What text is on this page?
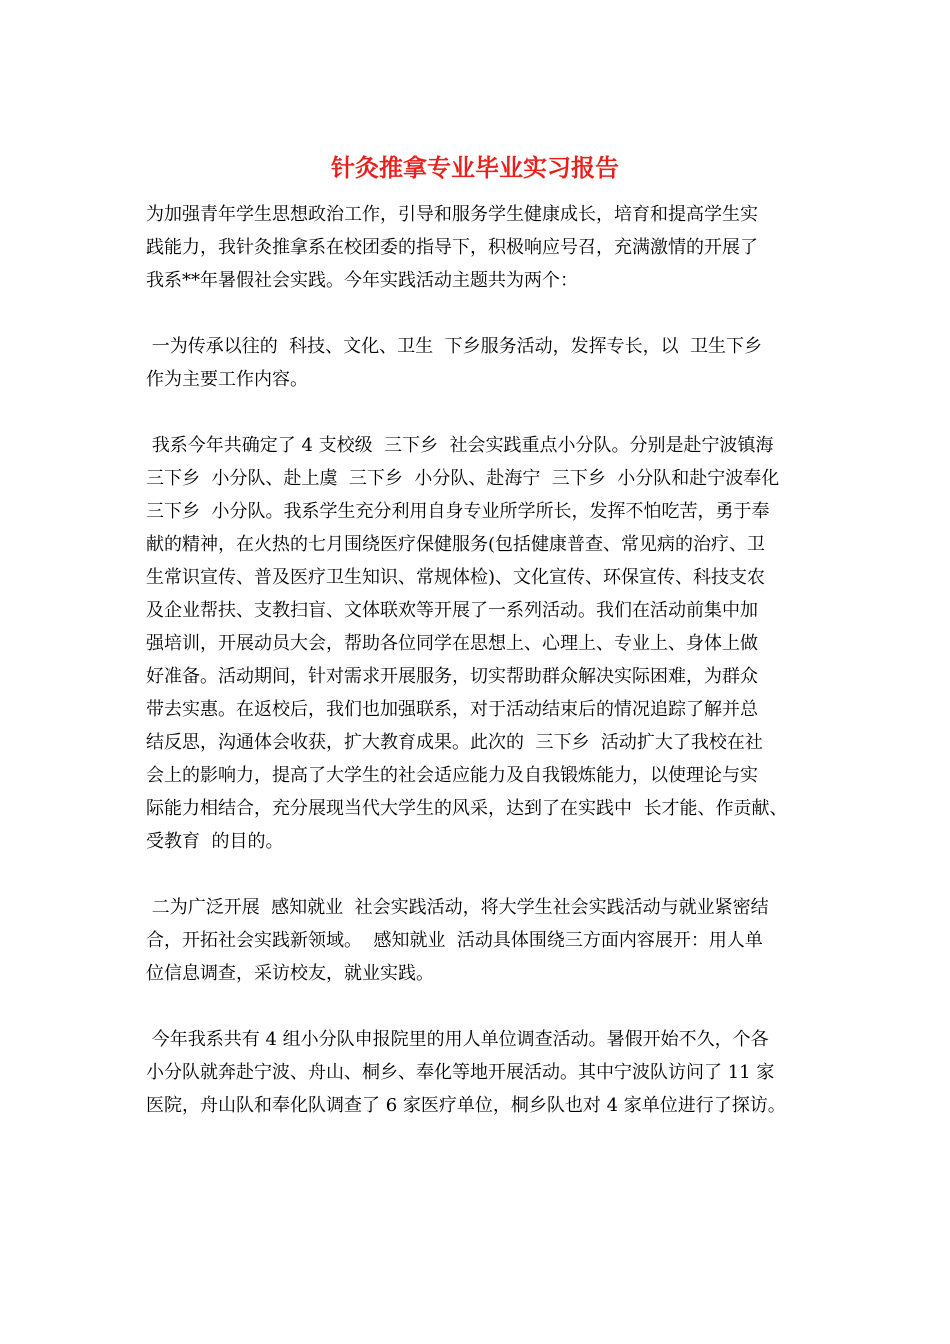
针灸推拿专业毕业实习报告
为加强青年学生思想政治工作，引导和服务学生健康成长，培育和提高学生实
践能力，我针灸推拿系在校团委的指导下，积极响应号召，充满激情的开展了
我系**年暑假社会实践。今年实践活动主题共为两个：
一为传承以往的  科技、文化、卫生  下乡服务活动，发挥专长，以  卫生下乡
作为主要工作内容。
我系今年共确定了 4 支校级  三下乡  社会实践重点小分队。分别是赴宁波镇海
三下乡  小分队、赴上虞  三下乡  小分队、赴海宁  三下乡  小分队和赴宁波奉化
三下乡  小分队。我系学生充分利用自身专业所学所长，发挥不怕吃苦，勇于奉
献的精神，在火热的七月围绕医疗保健服务(包括健康普查、常见病的治疗、卫
生常识宣传、普及医疗卫生知识、常规体检)、文化宣传、环保宣传、科技支农
及企业帮扶、支教扫盲、文体联欢等开展了一系列活动。我们在活动前集中加
强培训，开展动员大会，帮助各位同学在思想上、心理上、专业上、身体上做
好准备。活动期间，针对需求开展服务，切实帮助群众解决实际困难，为群众
带去实惠。在返校后，我们也加强联系，对于活动结束后的情况追踪了解并总
结反思，沟通体会收获，扩大教育成果。此次的  三下乡  活动扩大了我校在社
会上的影响力，提高了大学生的社会适应能力及自我锻炼能力，以使理论与实
际能力相结合，充分展现当代大学生的风采，达到了在实践中  长才能、作贡献、
受教育  的目的。
二为广泛开展  感知就业  社会实践活动，将大学生社会实践活动与就业紧密结
合，开拓社会实践新领域。  感知就业  活动具体围绕三方面内容展开：用人单
位信息调查，采访校友，就业实践。
今年我系共有 4 组小分队申报院里的用人单位调查活动。暑假开始不久，个各
小分队就奔赴宁波、舟山、桐乡、奉化等地开展活动。其中宁波队访问了 11 家
医院，舟山队和奉化队调查了 6 家医疗单位，桐乡队也对 4 家单位进行了探访。
